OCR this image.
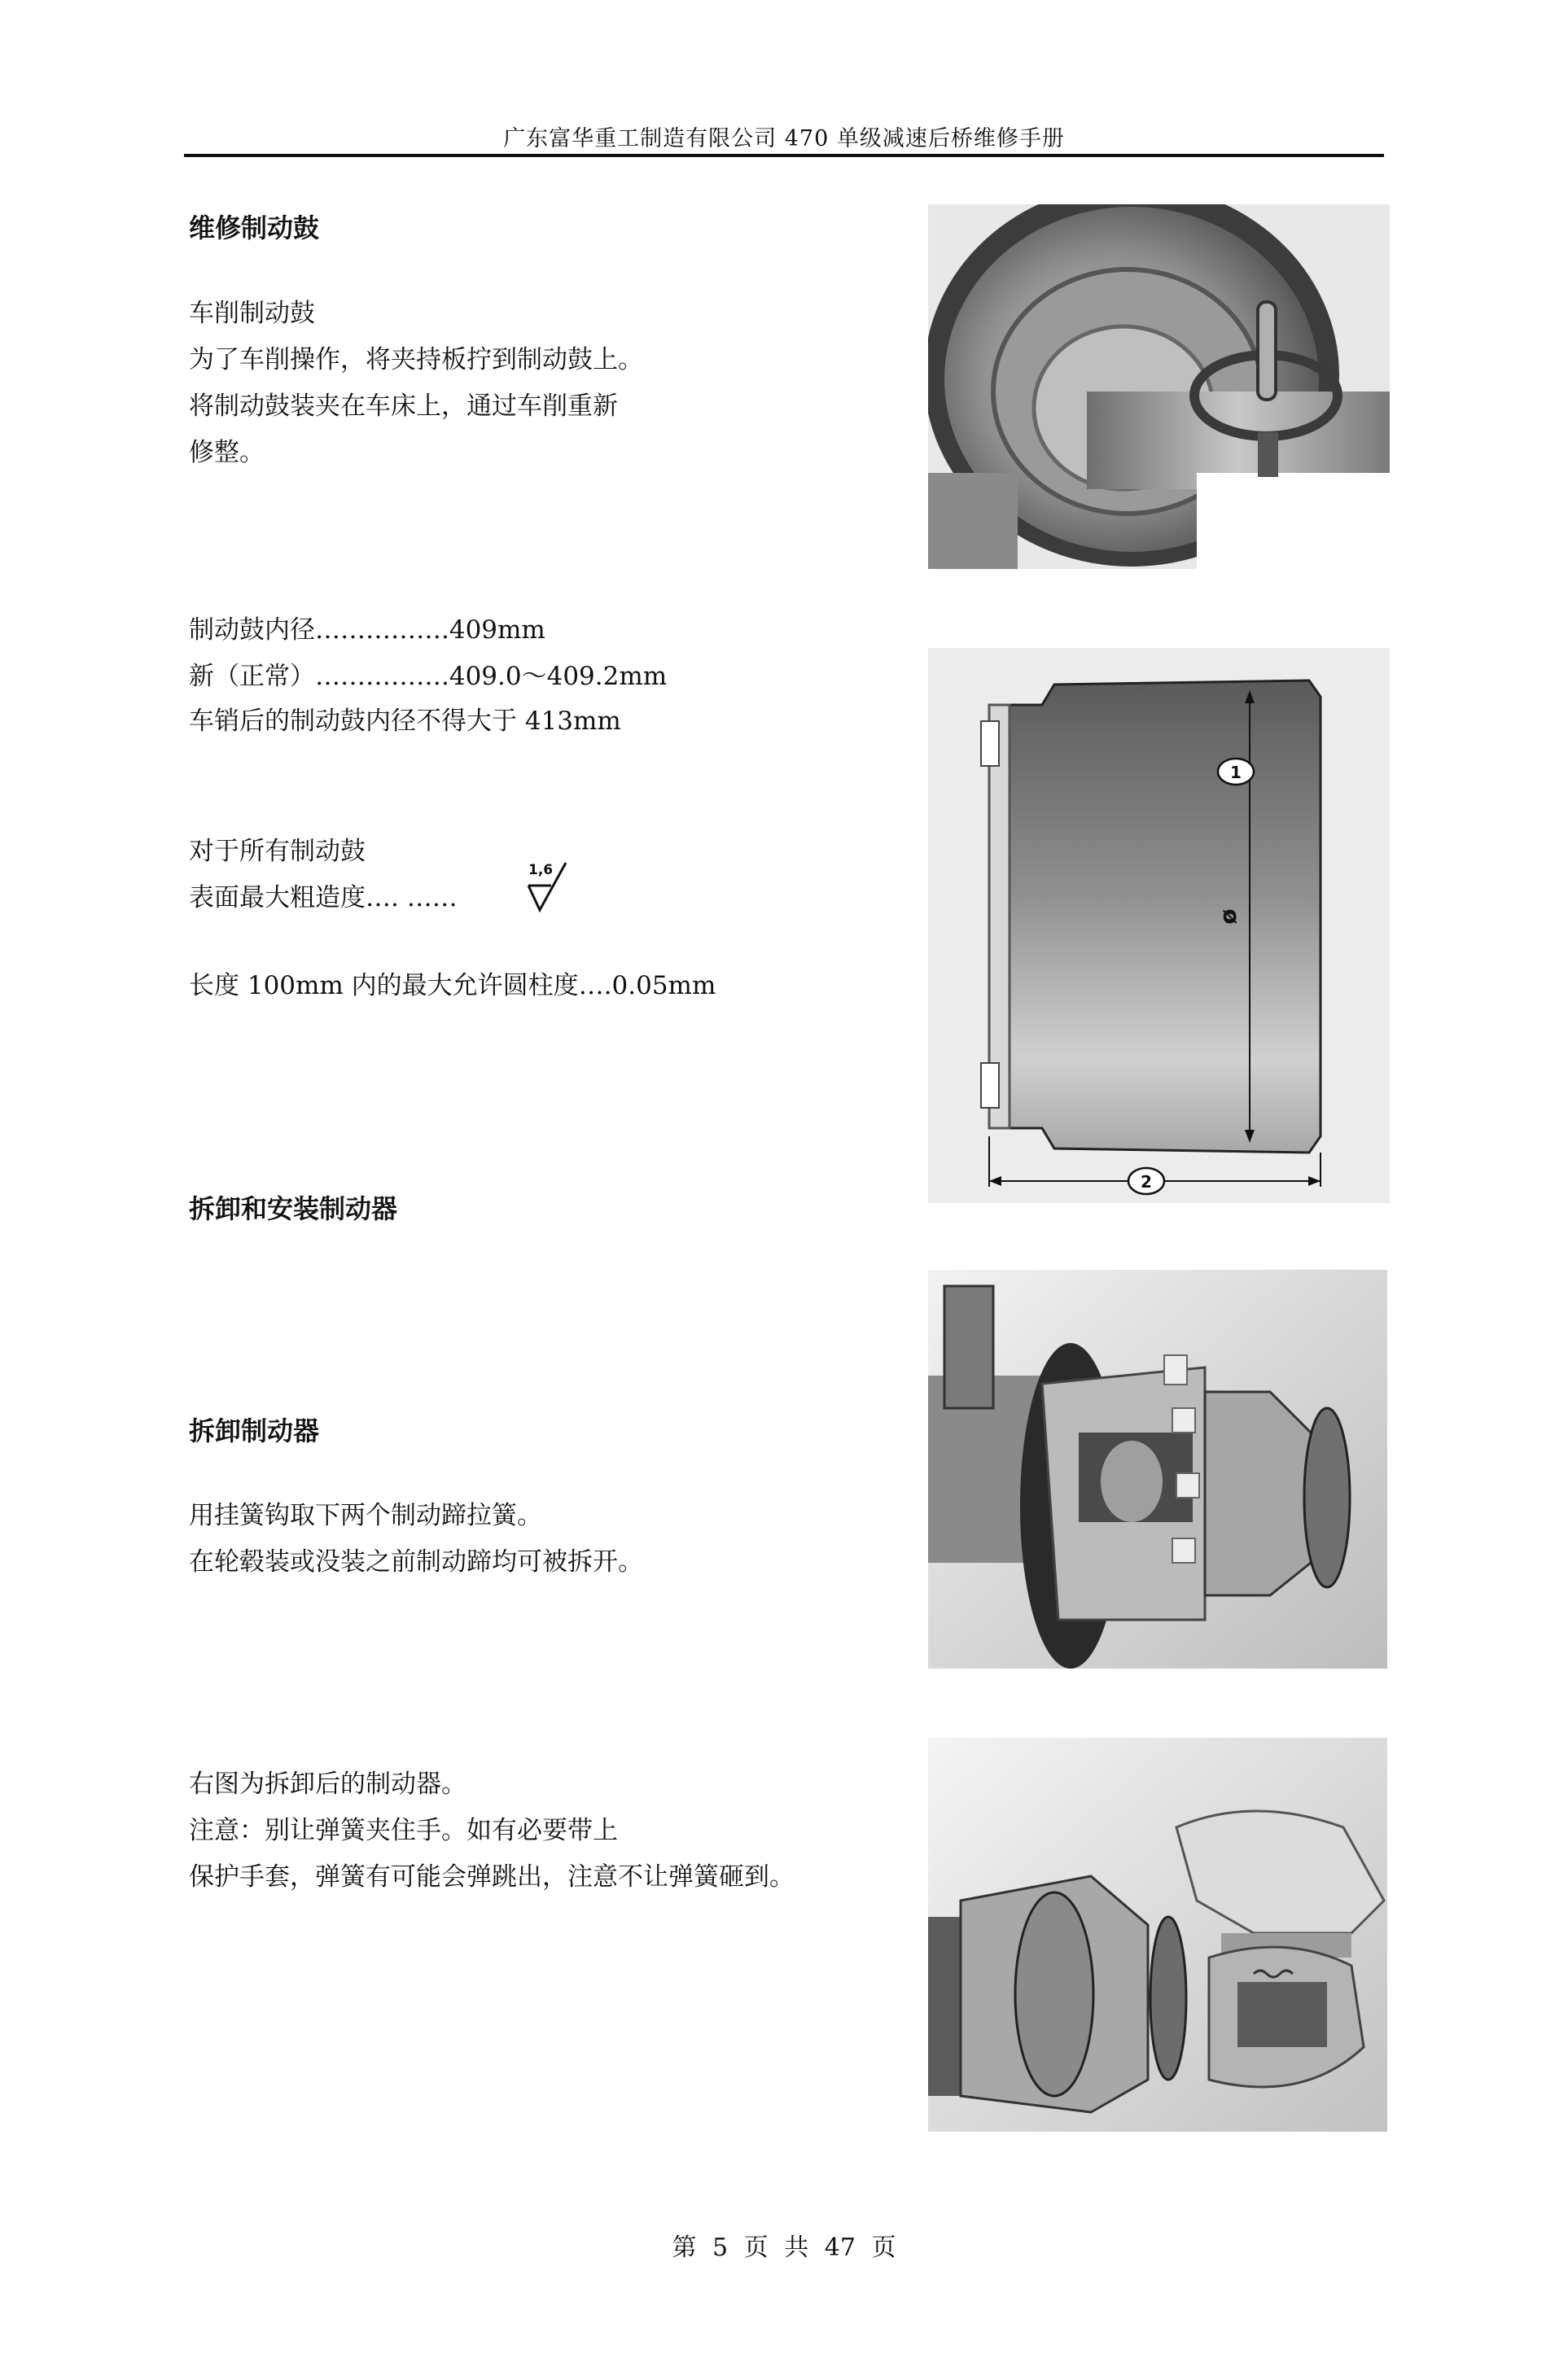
广东富华重工制造有限公司 470 单级减速后桥维修手册
维修制动鼓
车削制动鼓
为了车削操作，将夹持板拧到制动鼓上。
将制动鼓装夹在车床上，通过车削重新
修整。
制动鼓内径…………….409mm
新（正常）…………….409.0～409.2mm
车销后的制动鼓内径不得大于 413mm
对于所有制动鼓
表面最大粗造度…. ……
1,6
长度 100mm 内的最大允许圆柱度….0.05mm
1
ø
2
拆卸和安装制动器
拆卸制动器
用挂簧钩取下两个制动蹄拉簧。
在轮毂装或没装之前制动蹄均可被拆开。
右图为拆卸后的制动器。
注意：别让弹簧夹住手。如有必要带上
保护手套，弹簧有可能会弹跳出，注意不让弹簧砸到。
第 5 页 共 47 页
